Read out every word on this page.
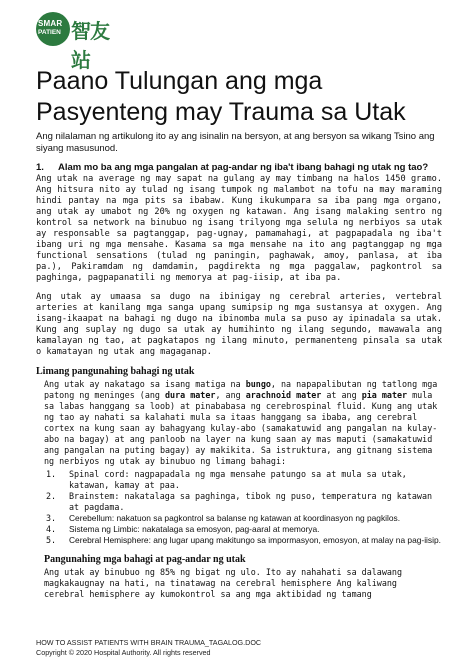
SMAR
PATIEN 智友站
Paano Tulungan ang mga Pasyenteng may Trauma sa Utak

Ang nilalaman ng artikulong ito ay ang isinalin na bersyon, at ang bersyon sa wikang Tsino ang siyang masusunod.

1. Alam mo ba ang mga pangalan at pag-andar ng iba't ibang bahagi ng utak ng tao?

Ang utak na average ng may sapat na gulang ay may timbang na halos 1450 gramo. Ang hitsura nito ay tulad ng isang tumpok ng malambot na tofu na may maraming hindi pantay na mga pits sa ibabaw. Kung ikukumpara sa iba pang mga organo, ang utak ay umabot ng 20% ng oxygen ng katawan. Ang isang malaking sentro ng kontrol sa network na binubuo ng isang trilyong mga selula ng nerbiyos sa utak ay responsable sa pagtanggap, pag-ugnay, pamamahagi, at pagpapadala ng iba't ibang uri ng mga mensahe. Kasama sa mga mensahe na ito ang pagtanggap ng mga functional sensations (tulad ng paningin, paghawak, amoy, panlasa, at iba pa.), Pakiramdam ng damdamin, pagdirekta ng mga paggalaw, pagkontrol sa paghinga, pagpapanatili ng memorya at pag-iisip, at iba pa.

Ang utak ay umaasa sa dugo na ibinigay ng cerebral arteries, vertebral arteries at kanilang mga sanga upang sumipsip ng mga sustansya at oxygen. Ang isang-ikaapat na bahagi ng dugo na ibinomba mula sa puso ay ipinadala sa utak. Kung ang suplay ng dugo sa utak ay humihinto ng ilang segundo, mawawala ang kamalayan ng tao, at pagkatapos ng ilang minuto, permanenteng pinsala sa utak o kamatayan ng utak ang magaganap.

Limang pangunahing bahagi ng utak

Ang utak ay nakatago sa isang matiga na bungo, na napapalibutan ng tatlong mga patong ng meninges (ang dura mater, ang arachnoid mater at ang pia mater mula sa labas hanggang sa loob) at pinababasa ng cerebrospinal fluid. Kung ang utak ng tao ay nahati sa kalahati mula sa itaas hanggang sa ibaba, ang cerebral cortex na kung saan ay bahagyang kulay-abo (samakatuwid ang pangalan na kulay-abo na bagay) at ang panloob na layer na kung saan ay mas maputi (samakatuwid ang pangalan na puting bagay) ay makikita. Sa istruktura, ang gitnang sistema ng nerbiyos ng utak ay binubuo ng limang bahagi:

1. Spinal cord: nagpapadala ng mga mensahe patungo sa at mula sa utak, katawan, kamay at paa.
2. Brainstem: nakatalaga sa paghinga, tibok ng puso, temperatura ng katawan at pagdama.
3. Cerebellum: nakatuon sa pagkontrol sa balanse ng katawan at koordinasyon ng pagkilos.
4. Sistema ng Limbic: nakatalaga sa emosyon, pag-aaral at memorya.
5. Cerebral Hemisphere: ang lugar upang makitungo sa impormasyon, emosyon, at malay na pag-iisip.

Pangunahing mga bahagi at pag-andar ng utak

Ang utak ay binubuo ng 85% ng bigat ng ulo. Ito ay nahahati sa dalawang magkakaugnay na hati, na tinatawag na cerebral hemisphere Ang kaliwang cerebral hemisphere ay kumokontrol sa ang mga aktibidad ng tamang

HOW TO ASSIST PATIENTS WITH BRAIN TRAUMA_TAGALOG.DOC
Copyright © 2020 Hospital Authority. All rights reserved
